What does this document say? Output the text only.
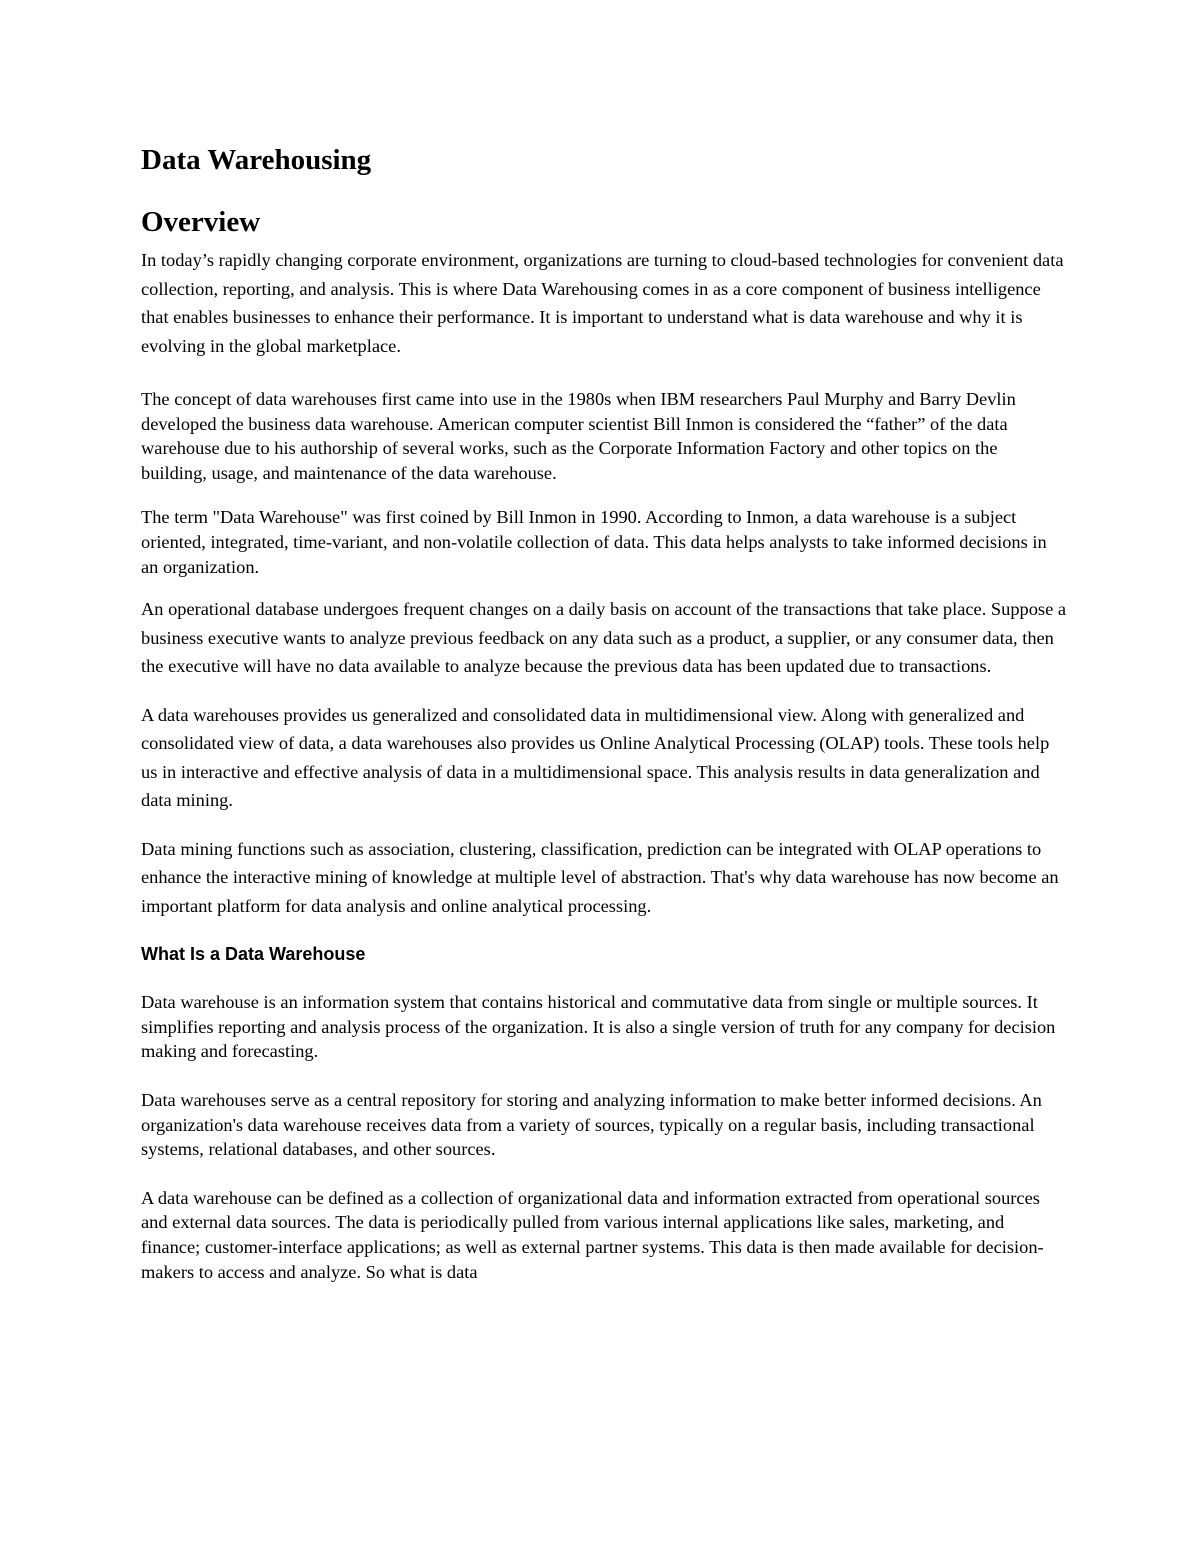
Data Warehousing
Overview

In today’s rapidly changing corporate environment, organizations are turning to cloud-based technologies for convenient data collection, reporting, and analysis. This is where Data Warehousing comes in as a core component of business intelligence that enables businesses to enhance their performance. It is important to understand what is data warehouse and why it is evolving in the global marketplace.

The concept of data warehouses first came into use in the 1980s when IBM researchers Paul Murphy and Barry Devlin developed the business data warehouse. American computer scientist Bill Inmon is considered the “father” of the data warehouse due to his authorship of several works, such as the Corporate Information Factory and other topics on the building, usage, and maintenance of the data warehouse.

The term "Data Warehouse" was first coined by Bill Inmon in 1990. According to Inmon, a data warehouse is a subject oriented, integrated, time-variant, and non-volatile collection of data. This data helps analysts to take informed decisions in an organization.

An operational database undergoes frequent changes on a daily basis on account of the transactions that take place. Suppose a business executive wants to analyze previous feedback on any data such as a product, a supplier, or any consumer data, then the executive will have no data available to analyze because the previous data has been updated due to transactions.

A data warehouses provides us generalized and consolidated data in multidimensional view. Along with generalized and consolidated view of data, a data warehouses also provides us Online Analytical Processing (OLAP) tools. These tools help us in interactive and effective analysis of data in a multidimensional space. This analysis results in data generalization and data mining.

Data mining functions such as association, clustering, classification, prediction can be integrated with OLAP operations to enhance the interactive mining of knowledge at multiple level of abstraction. That's why data warehouse has now become an important platform for data analysis and online analytical processing.

What Is a Data Warehouse

Data warehouse is an information system that contains historical and commutative data from single or multiple sources. It simplifies reporting and analysis process of the organization. It is also a single version of truth for any company for decision making and forecasting.

Data warehouses serve as a central repository for storing and analyzing information to make better informed decisions. An organization's data warehouse receives data from a variety of sources, typically on a regular basis, including transactional systems, relational databases, and other sources.

A data warehouse can be defined as a collection of organizational data and information extracted from operational sources and external data sources. The data is periodically pulled from various internal applications like sales, marketing, and finance; customer-interface applications; as well as external partner systems. This data is then made available for decision-makers to access and analyze. So what is data
